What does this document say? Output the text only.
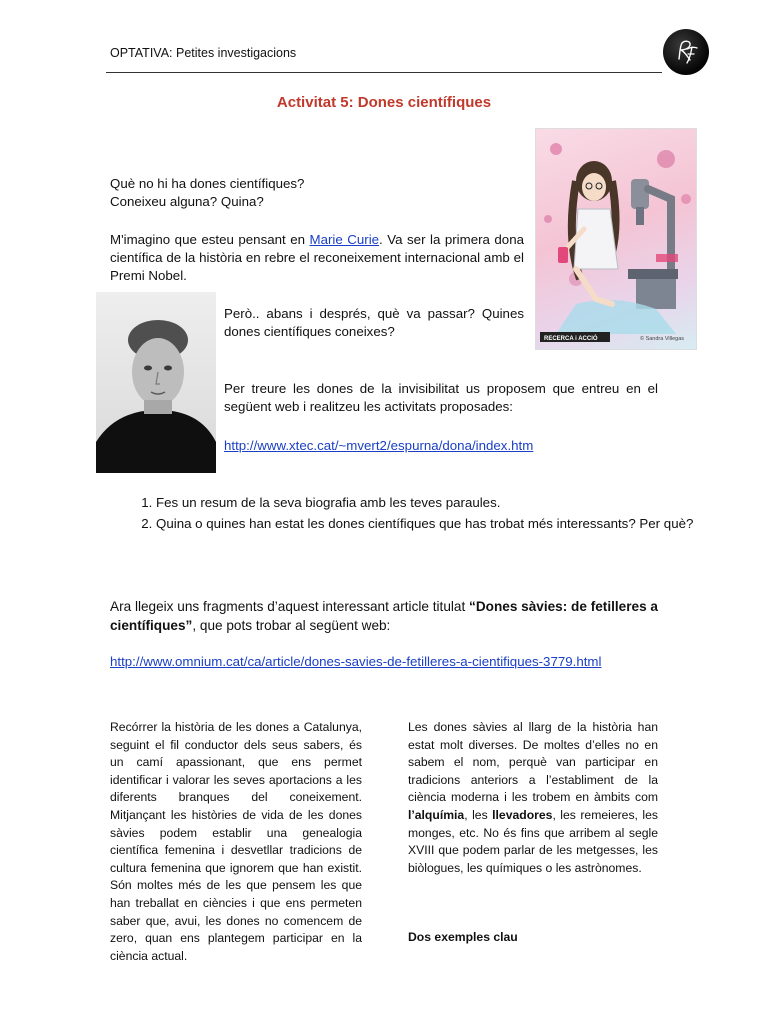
OPTATIVA: Petites investigacions
Activitat 5: Dones científiques
Què no hi ha dones científiques?
Coneixeu alguna? Quina?
M'imagino que esteu pensant en Marie Curie. Va ser la primera dona científica de la història en rebre el reconeixement internacional amb el Premi Nobel.
RECERCA i ACCIÓ	© Sandra Villegas
Però.. abans i després, què va passar? Quines dones científiques coneixes?
Per treure les dones de la invisibilitat us proposem que entreu en el següent web i realitzeu les activitats proposades:
http://www.xtec.cat/~mvert2/espurna/dona/index.htm
1. Fes un resum de la seva biografia amb les teves paraules.
2. Quina o quines han estat les dones científiques que has trobat més interessants? Per què?
Ara llegeix uns fragments d’aquest interessant article titulat “Dones sàvies: de fetilleres a científiques”, que pots trobar al següent web:
http://www.omnium.cat/ca/article/dones-savies-de-fetilleres-a-cientifiques-3779.html
Recórrer la història de les dones a Catalunya, seguint el fil conductor dels seus sabers, és un camí apassionant, que ens permet identificar i valorar les seves aportacions a les diferents branques del coneixement. Mitjançant les històries de vida de les dones sàvies podem establir una genealogia científica femenina i desvetllar tradicions de cultura femenina que ignorem que han existit. Són moltes més de les que pensem les que han treballat en ciències i que ens permeten saber que, avui, les dones no comencem de zero, quan ens plantegem participar en la ciència actual.
Les dones sàvies al llarg de la història han estat molt diverses. De moltes d’elles no en sabem el nom, perquè van participar en tradicions anteriors a l’establiment de la ciència moderna i les trobem en àmbits com l’alquímia, les llevadores, les remeieres, les monges, etc. No és fins que arribem al segle XVIII que podem parlar de les metgesses, les biòlogues, les químiques o les astrònomes.
Dos exemples clau
